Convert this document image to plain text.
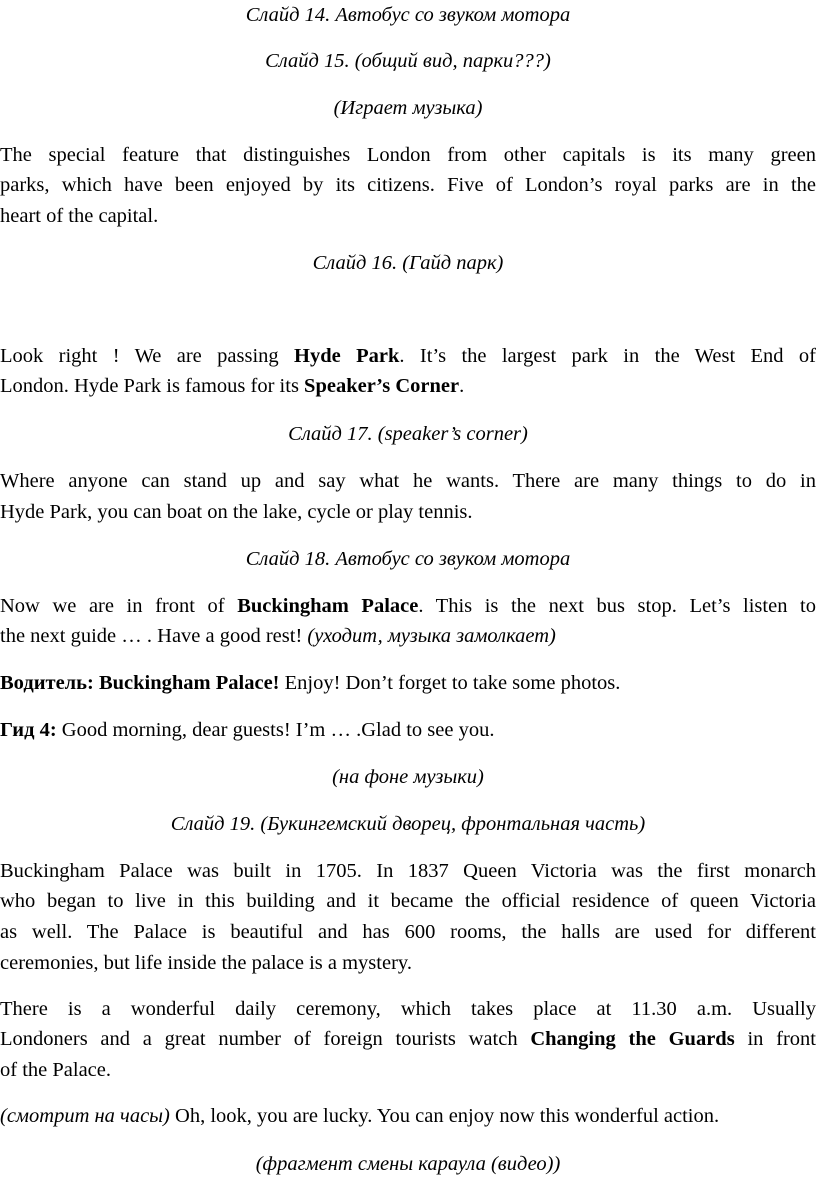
Слайд 14. Автобус со звуком мотора

Слайд 15. (общий вид, парки???)

(Играет музыка)

The special feature that distinguishes London from other capitals is its many green

parks, which have been enjoyed by its citizens. Five of London’s royal parks are in the

heart of the capital.

Слайд 16. (Гайд парк)

Look right ! We are passing Hyde Park. It’s the largest park in the West End of

London. Hyde Park is famous for its Speaker’s Corner.

Слайд 17. (speaker’s corner)

Where anyone can stand up and say what he wants. There are many things to do in

Hyde Park, you can boat on the lake, cycle or play tennis.

Слайд 18. Автобус со звуком мотора

Now we are in front of Buckingham Palace. This is the next bus stop. Let’s listen to

the next guide … . Have a good rest! (уходит, музыка замолкает)

Водитель: Buckingham Palace! Enjoy! Don’t forget to take some photos.

Гид 4: Good morning, dear guests! I’m … .Glad to see you.

(на фоне музыки)

Слайд 19. (Букингемский дворец, фронтальная часть)

Buckingham Palace was built in 1705. In 1837 Queen Victoria was the first monarch

who began to live in this building and it became the official residence of queen Victoria

as well. The Palace is beautiful and has 600 rooms, the halls are used for different

ceremonies, but life inside the palace is a mystery.

There is a wonderful daily ceremony, which takes place at 11.30 a.m. Usually

Londoners and a great number of foreign tourists watch Changing the Guards in front

of the Palace.

(смотрит на часы) Oh, look, you are lucky. You can enjoy now this wonderful action.

(фрагмент смены караула (видео))
